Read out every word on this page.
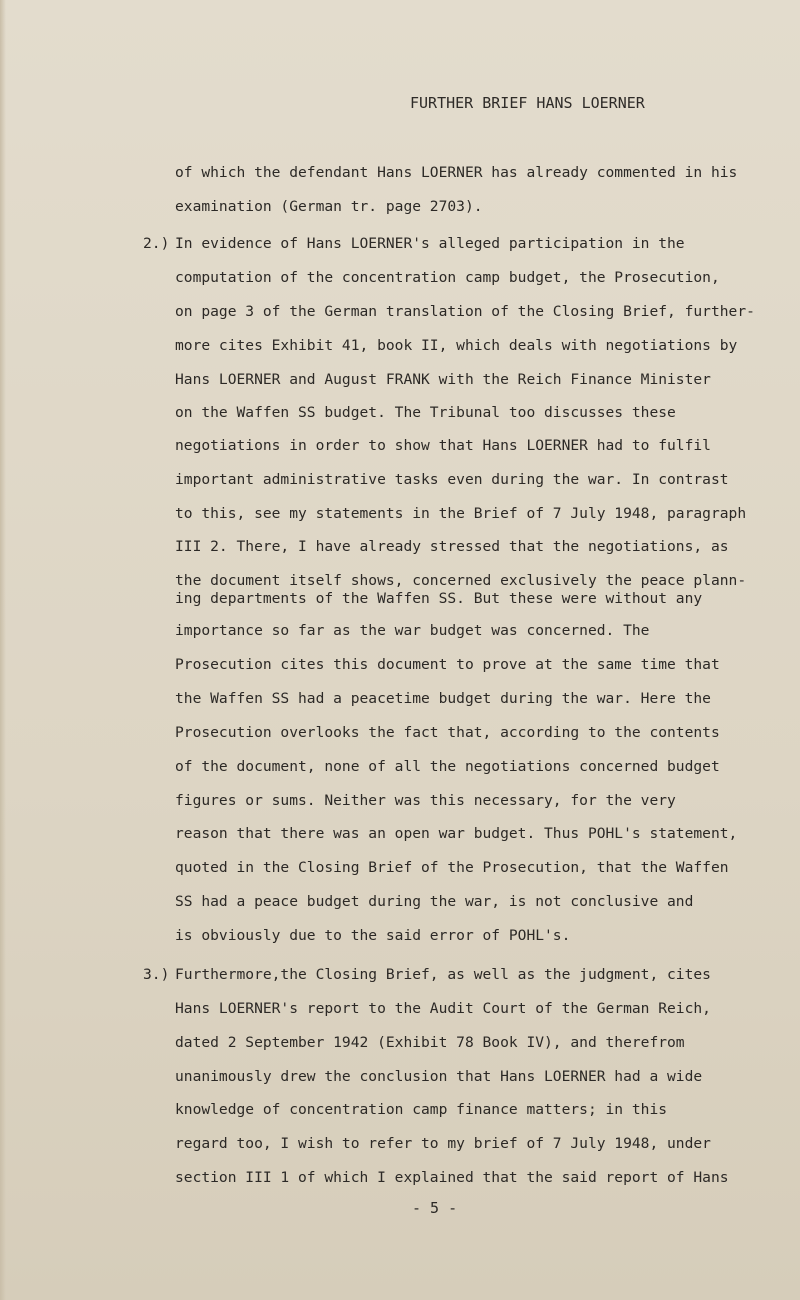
FURTHER BRIEF HANS LOERNER
of which the defendant Hans LOERNER has already commented in his
examination (German tr. page 2703).
2.) In evidence of Hans LOERNER's alleged participation in the
computation of the concentration camp budget, the Prosecution,
on page 3 of the German translation of the Closing Brief, further-
more cites Exhibit 41, book II, which deals with negotiations by
Hans LOERNER and August FRANK with the Reich Finance Minister
on the Waffen SS budget. The Tribunal too discusses these
negotiations in order to show that Hans LOERNER had to fulfil
important administrative tasks even during the war. In contrast
to this, see my statements in the Brief of 7 July 1948, paragraph
III 2. There, I have already stressed that the negotiations, as
the document itself shows, concerned exclusively the peace plann-
ing departments of the Waffen SS. But these were without any
importance so far as the war budget was concerned. The
Prosecution cites this document to prove at the same time that
the Waffen SS had a peacetime budget during the war. Here the
Prosecution overlooks the fact that, according to the contents
of the document, none of all the negotiations concerned budget
figures or sums. Neither was this necessary, for the very
reason that there was an open war budget. Thus POHL's statement,
quoted in the Closing Brief of the Prosecution, that the Waffen
SS had a peace budget during the war, is not conclusive and
is obviously due to the said error of POHL's.
3.) Furthermore,the Closing Brief, as well as the judgment, cites
Hans LOERNER's report to the Audit Court of the German Reich,
dated 2 September 1942 (Exhibit 78 Book IV), and therefrom
unanimously drew the conclusion that Hans LOERNER had a wide
knowledge of concentration camp finance matters; in this
regard too, I wish to refer to my brief of 7 July 1948, under
section III 1 of which I explained that the said report of Hans
- 5 -
